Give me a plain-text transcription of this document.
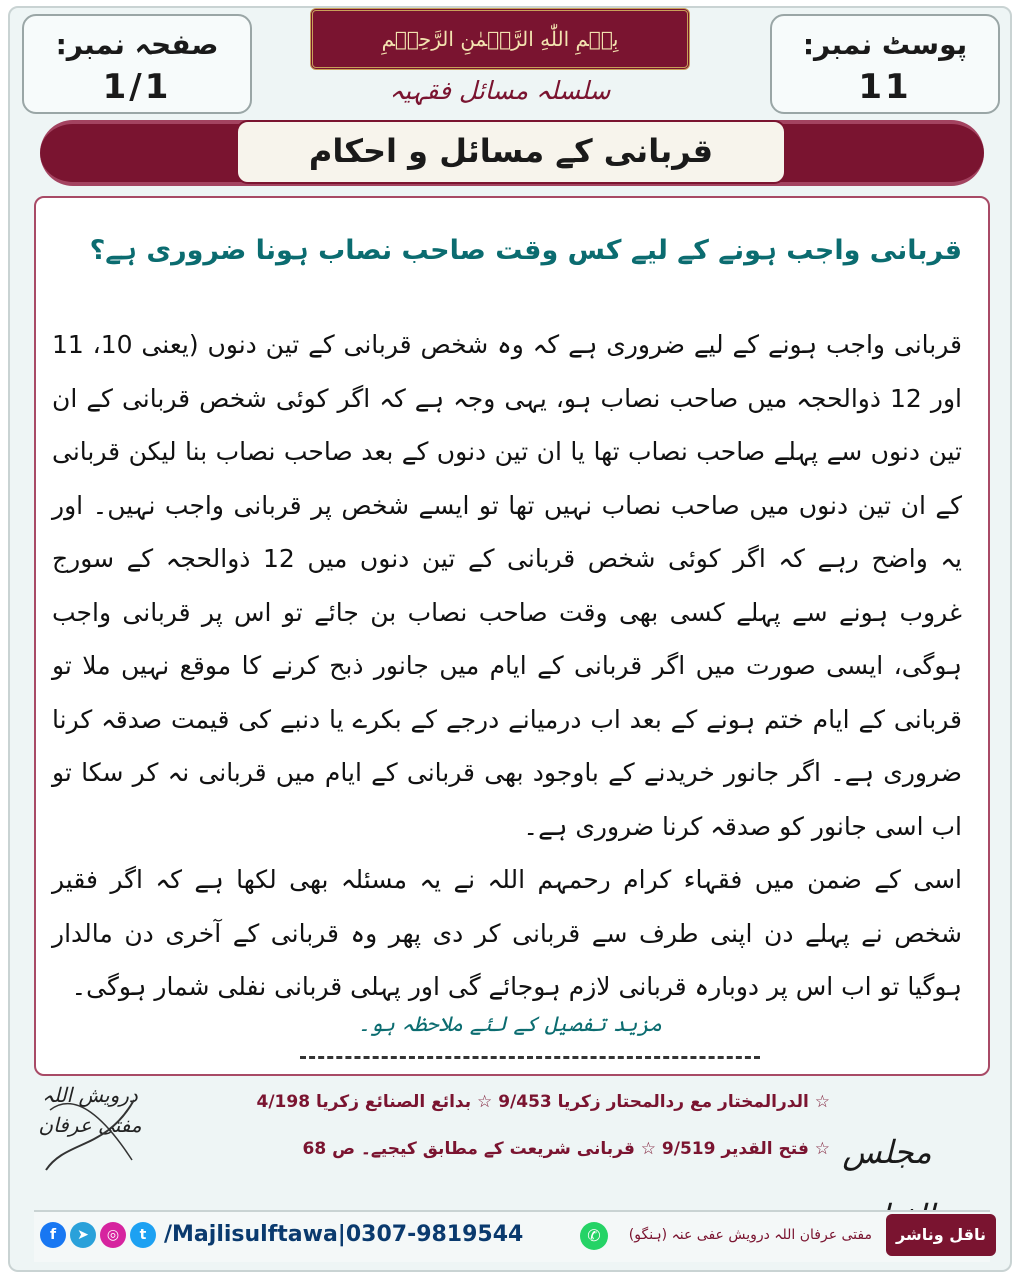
صفحہ نمبر:
1/1
پوسٹ نمبر:
11
بِسۡمِ اللّٰهِ الرَّحۡمٰنِ الرَّحِيۡمِ
سلسلہ مسائل فقہیہ
قربانی کے مسائل و احکام
قربانی واجب ہونے کے لیے کس وقت صاحب نصاب ہونا ضروری ہے؟

قربانی واجب ہونے کے لیے ضروری ہے کہ وہ شخص قربانی کے تین دنوں (یعنی 10، 11 اور 12 ذوالحجہ میں صاحب نصاب ہو، یہی وجہ ہے کہ اگر کوئی شخص قربانی کے ان تین دنوں سے پہلے صاحب نصاب تھا یا ان تین دنوں کے بعد صاحب نصاب بنا لیکن قربانی کے ان تین دنوں میں صاحب نصاب نہیں تھا تو ایسے شخص پر قربانی واجب نہیں۔ اور یہ واضح رہے کہ اگر کوئی شخص قربانی کے تین دنوں میں 12 ذوالحجہ کے سورج غروب ہونے سے پہلے کسی بھی وقت صاحب نصاب بن جائے تو اس پر قربانی واجب ہوگی، ایسی صورت میں اگر قربانی کے ایام میں جانور ذبح کرنے کا موقع نہیں ملا تو قربانی کے ایام ختم ہونے کے بعد اب درمیانے درجے کے بکرے یا دنبے کی قیمت صدقہ کرنا ضروری ہے۔ اگر جانور خریدنے کے باوجود بھی قربانی کے ایام میں قربانی نہ کر سکا تو اب اسی جانور کو صدقہ کرنا ضروری ہے۔

اسی کے ضمن میں فقہاء کرام رحمہم اللہ نے یہ مسئلہ بھی لکھا ہے کہ اگر فقیر شخص نے پہلے دن اپنی طرف سے قربانی کر دی پھر وہ قربانی کے آخری دن مالدار ہوگیا تو اب اس پر دوبارہ قربانی لازم ہوجائے گی اور پہلی قربانی نفلی شمار ہوگی۔

مزید تفصیل کے لئے ملاحظہ ہو۔
☆ الدرالمختار مع ردالمحتار زکریا 9/453 ☆ بدائع الصنائع زکریا 4/198
☆ فتح القدیر 9/519 ☆ قربانی شریعت کے مطابق کیجیے۔ ص 68
درویش اللہ مفتی عرفان
مجلس
ناقل وناشر
مفتی عرفان اللہ درویش عفی عنہ (ہنگو)
✆
/Majlisulftawa|0307-9819544
f	➤	◎	t
